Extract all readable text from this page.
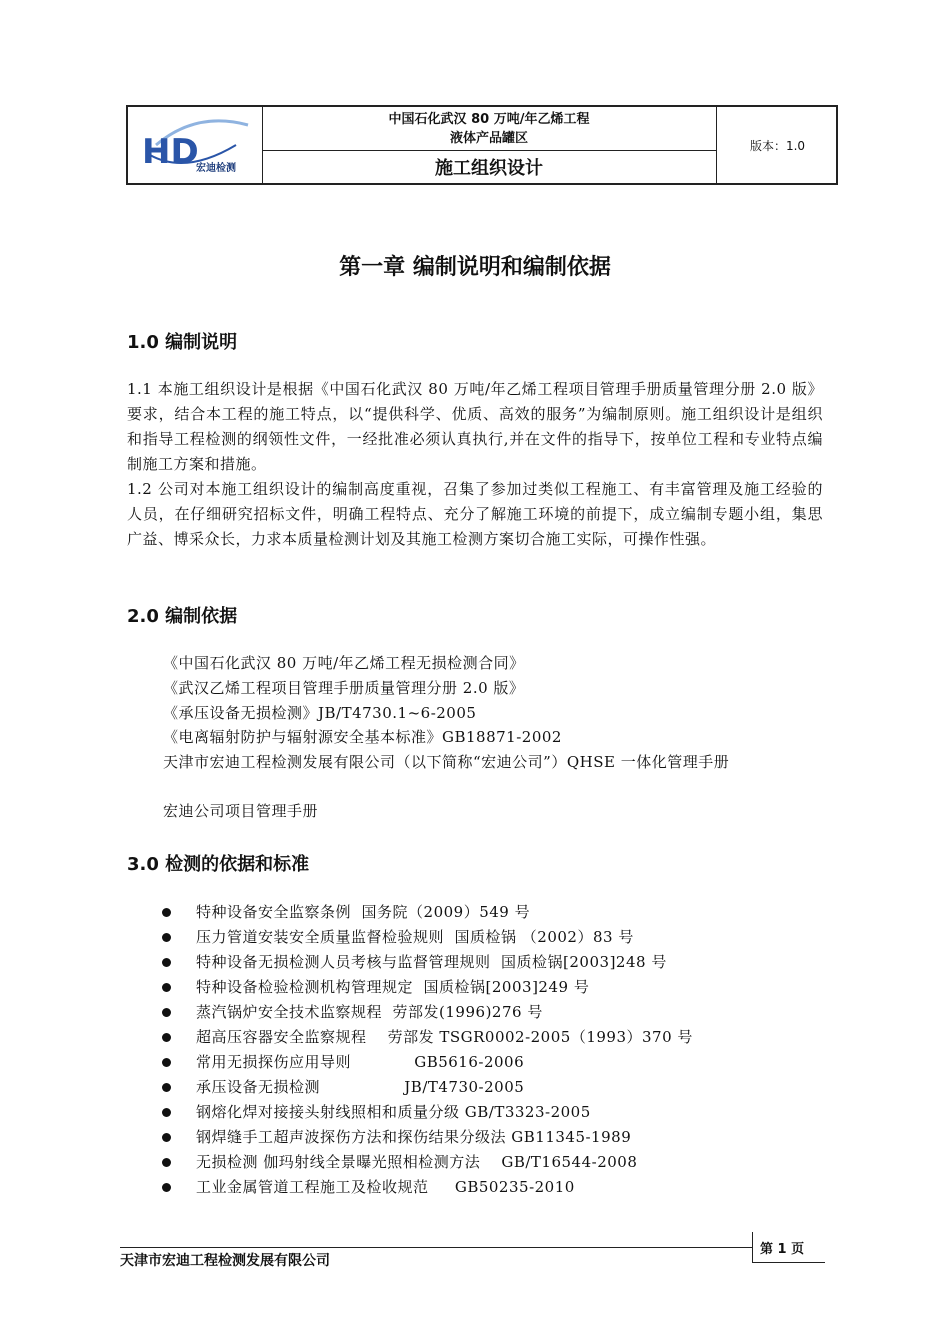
HD
宏迪检测
中国石化武汉 80 万吨/年乙烯工程
液体产品罐区
施工组织设计
版本：1.0
第一章 编制说明和编制依据
1.0 编制说明
1.1 本施工组织设计是根据《中国石化武汉 80 万吨/年乙烯工程项目管理手册质量管理分册 2.0 版》要求，结合本工程的施工特点，以“提供科学、优质、高效的服务”为编制原则。施工组织设计是组织和指导工程检测的纲领性文件，一经批准必须认真执行,并在文件的指导下，按单位工程和专业特点编制施工方案和措施。
1.2 公司对本施工组织设计的编制高度重视，召集了参加过类似工程施工、有丰富管理及施工经验的人员，在仔细研究招标文件，明确工程特点、充分了解施工环境的前提下，成立编制专题小组，集思广益、博采众长，力求本质量检测计划及其施工检测方案切合施工实际，可操作性强。
2.0 编制依据
《中国石化武汉 80 万吨/年乙烯工程无损检测合同》
《武汉乙烯工程项目管理手册质量管理分册 2.0 版》
《承压设备无损检测》JB/T4730.1~6-2005
《电离辐射防护与辐射源安全基本标准》GB18871-2002
天津市宏迪工程检测发展有限公司（以下简称“宏迪公司”）QHSE 一体化管理手册
宏迪公司项目管理手册
3.0 检测的依据和标准
特种设备安全监察条例  国务院（2009）549 号
压力管道安装安全质量监督检验规则  国质检锅 （2002）83 号
特种设备无损检测人员考核与监督管理规则  国质检锅[2003]248 号
特种设备检验检测机构管理规定  国质检锅[2003]249 号
蒸汽锅炉安全技术监察规程  劳部发(1996)276 号
超高压容器安全监察规程    劳部发 TSGR0002-2005（1993）370 号
常用无损探伤应用导则            GB5616-2006
承压设备无损检测                JB/T4730-2005
钢熔化焊对接接头射线照相和质量分级 GB/T3323-2005
钢焊缝手工超声波探伤方法和探伤结果分级法 GB11345-1989
无损检测 伽玛射线全景曝光照相检测方法    GB/T16544-2008
工业金属管道工程施工及检收规范     GB50235-2010
第 1 页
天津市宏迪工程检测发展有限公司
